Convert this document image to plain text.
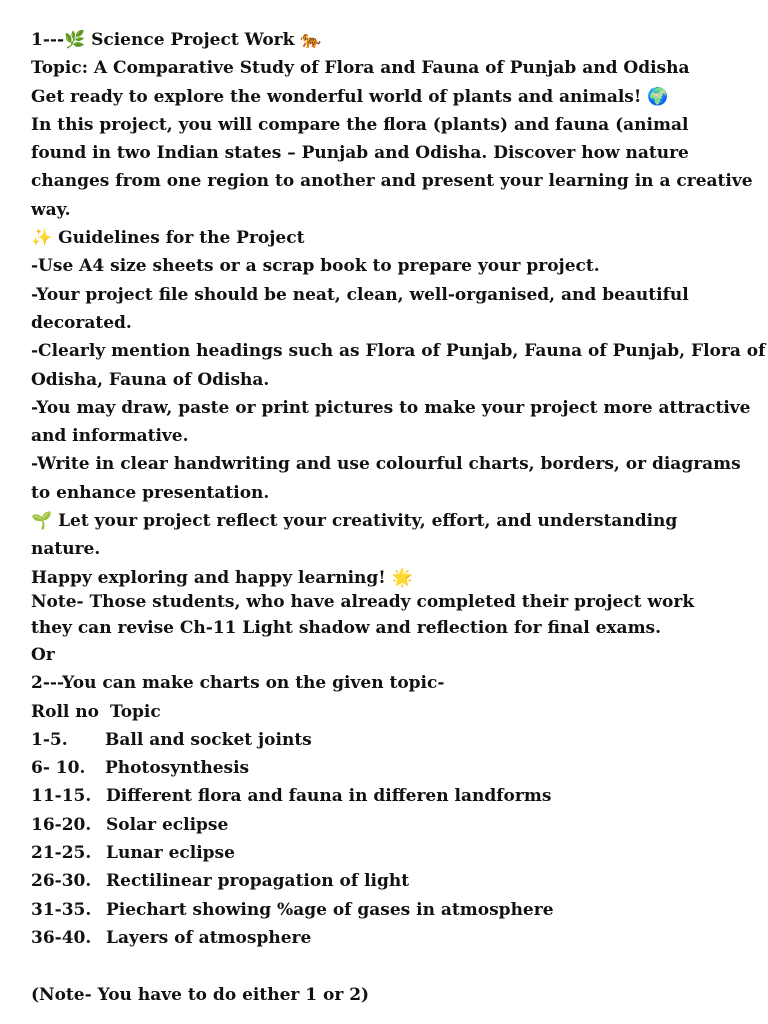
1---🌿 Science Project Work 🐅
Topic: A Comparative Study of Flora and Fauna of Punjab and Odisha
Get ready to explore the wonderful world of plants and animals! 🌍
In this project, you will compare the flora (plants) and fauna (animal
found in two Indian states – Punjab and Odisha. Discover how nature
changes from one region to another and present your learning in a creative
way.
✨ Guidelines for the Project
-Use A4 size sheets or a scrap book to prepare your project.
-Your project file should be neat, clean, well-organised, and beautiful
decorated.
-Clearly mention headings such as Flora of Punjab, Fauna of Punjab, Flora of
Odisha, Fauna of Odisha.
-You may draw, paste or print pictures to make your project more attractive
and informative.
-Write in clear handwriting and use colourful charts, borders, or diagrams
to enhance presentation.
🌱 Let your project reflect your creativity, effort, and understanding
nature.
Happy exploring and happy learning! 🌟
Note- Those students, who have already completed their project work
they can revise Ch-11 Light shadow and reflection for final exams.
Or
2---You can make charts on the given topic-
Roll no Topic
1-5. Ball and socket joints
6- 10. Photosynthesis
11-15. Different flora and fauna in differen landforms
16-20. Solar eclipse
21-25. Lunar eclipse
26-30. Rectilinear propagation of light
31-35. Piechart showing %age of gases in atmosphere
36-40. Layers of atmosphere
(Note- You have to do either 1 or 2)
